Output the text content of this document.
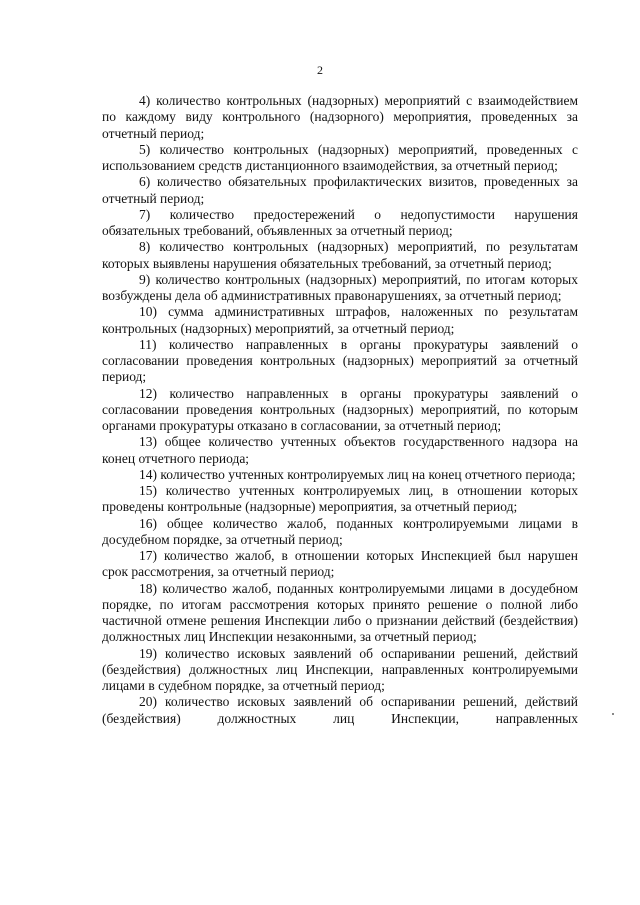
2

4) количество контрольных (надзорных) мероприятий с взаимодействием по каждому виду контрольного (надзорного) мероприятия, проведенных за отчетный период;

5) количество контрольных (надзорных) мероприятий, проведенных с использованием средств дистанционного взаимодействия, за отчетный период;

6) количество обязательных профилактических визитов, проведенных за отчетный период;

7) количество предостережений о недопустимости нарушения обязательных требований, объявленных за отчетный период;

8) количество контрольных (надзорных) мероприятий, по результатам которых выявлены нарушения обязательных требований, за отчетный период;

9) количество контрольных (надзорных) мероприятий, по итогам которых возбуждены дела об административных правонарушениях, за отчетный период;

10) сумма административных штрафов, наложенных по результатам контрольных (надзорных) мероприятий, за отчетный период;

11) количество направленных в органы прокуратуры заявлений о согласовании проведения контрольных (надзорных) мероприятий за отчетный период;

12) количество направленных в органы прокуратуры заявлений о согласовании проведения контрольных (надзорных) мероприятий, по которым органами прокуратуры отказано в согласовании, за отчетный период;

13) общее количество учтенных объектов государственного надзора на конец отчетного периода;

14) количество учтенных контролируемых лиц на конец отчетного периода;

15) количество учтенных контролируемых лиц, в отношении которых проведены контрольные (надзорные) мероприятия, за отчетный период;

16) общее количество жалоб, поданных контролируемыми лицами в досудебном порядке, за отчетный период;

17) количество жалоб, в отношении которых Инспекцией был нарушен срок рассмотрения, за отчетный период;

18) количество жалоб, поданных контролируемыми лицами в досудебном порядке, по итогам рассмотрения которых принято решение о полной либо частичной отмене решения Инспекции либо о признании действий (бездействия) должностных лиц Инспекции незаконными, за отчетный период;

19) количество исковых заявлений об оспаривании решений, действий (бездействия) должностных лиц Инспекции, направленных контролируемыми лицами в судебном порядке, за отчетный период;

20) количество исковых заявлений об оспаривании решений, действий (бездействия) должностных лиц Инспекции, направленных
